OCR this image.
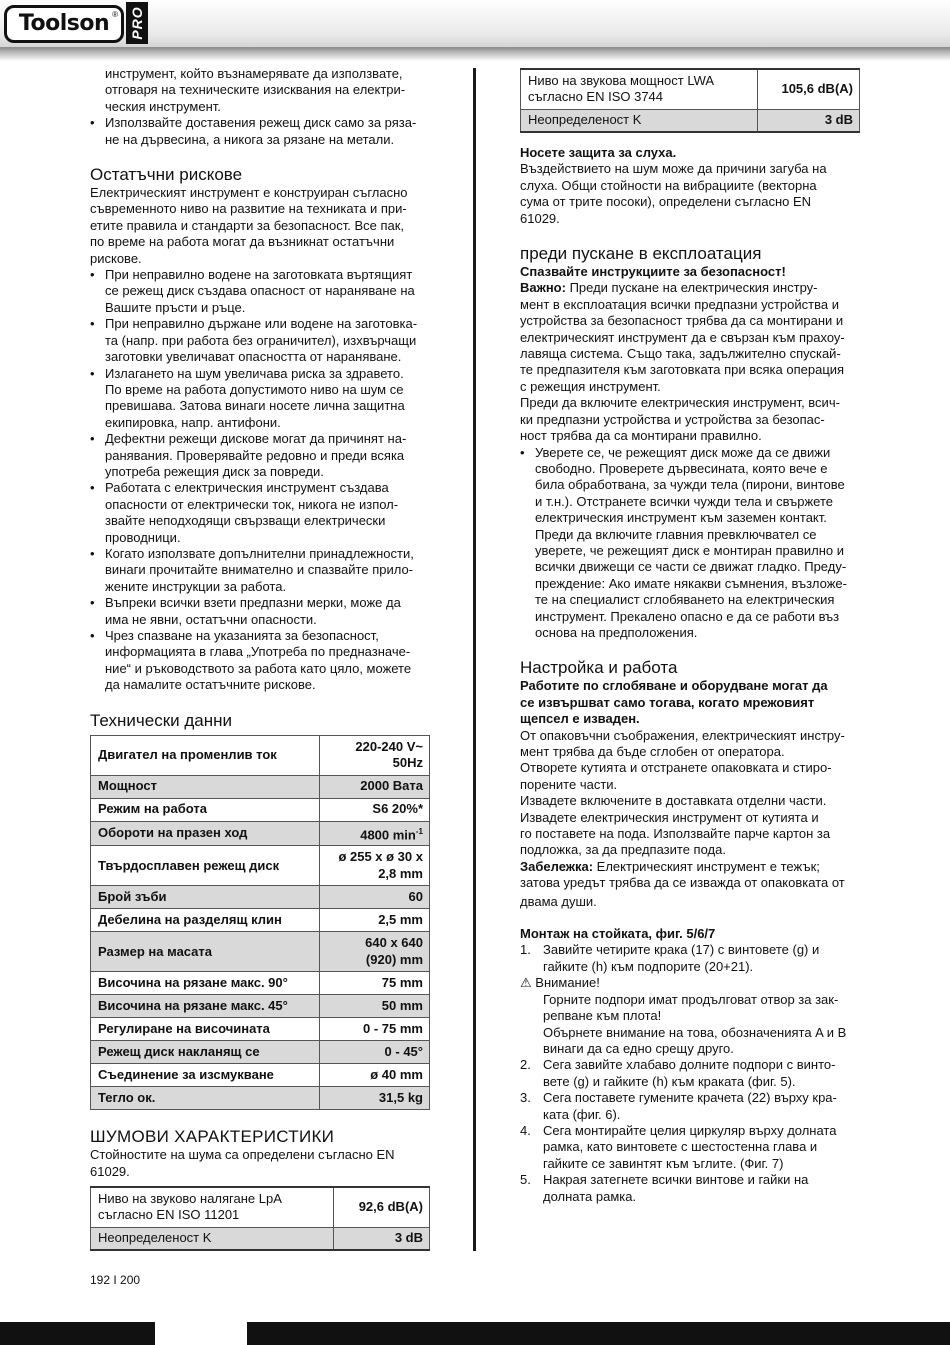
Toolson ® PRO

инструмент, който възнамерявате да използвате,

отговаря на техническите изисквания на електри-

ческия инструмент.

• Използвайте доставения режещ диск само за ряза-

не на дървесина, а никога за рязане на метали.

Остатъчни рискове

Електрическият инструмент е конструиран съгласно

съвременното ниво на развитие на техниката и при-

етите правила и стандарти за безопасност. Все пак,

по време на работа могат да възникнат остатъчни

рискове.

• При неправилно водене на заготовката въртящият

се режещ диск създава опасност от нараняване на

Вашите пръсти и ръце.

• При неправилно държане или водене на заготовка-

та (напр. при работа без ограничител), изхвърчащи

заготовки увеличават опасността от нараняване.

• Излагането на шум увеличава риска за здравето.

По време на работа допустимото ниво на шум се

превишава. Затова винаги носете лична защитна

екипировка, напр. антифони.

• Дефектни режещи дискове могат да причинят на-

ранявания. Проверявайте редовно и преди всяка

употреба режещия диск за повреди.

• Работата с електрическия инструмент създава

опасности от електрически ток, никога не изпол-

звайте неподходящи свързващи електрически

проводници.

• Когато използвате допълнителни принадлежности,

винаги прочитайте внимателно и спазвайте прило-

жените инструкции за работа.

• Въпреки всички взети предпазни мерки, може да

има не явни, остатъчни опасности.

• Чрез спазване на указанията за безопасност,

информацията в глава „Употреба по предназначе-

ние“ и ръководството за работа като цяло, можете

да намалите остатъчните рискове.

Технически данни
Двигател на променлив ток	220-240 V~
50Hz
Мощност	2000 Вата
Режим на работа	S6 20%*
Обороти на празен ход	4800 $\min^{-1}$
Твърдосплавен режещ диск	ø 255 x ø 30 x
2,8 mm
Брой зъби	60
Дебелина на разделящ клин	2,5 mm
Размер на масата	640 x 640
(920) mm
Височина на рязане макс. 90°	75 mm
Височина на рязане макс. 45°	50 mm
Регулиране на височината	0 - 75 mm
Режещ диск накланящ се	0 - 45°
Съединение за изсмукване	ø 40 mm
Тегло ок.	31,5 kg
ШУМОВИ ХАРАКТЕРИСТИКИ

Стойностите на шума са определени съгласно EN

61029.

Ниво на звуково налягане LpA
съгласно EN ISO 11201	92,6 dB(A)
Неопределеност K	3 dB
Ниво на звукова мощност LWA
съгласно EN ISO 3744	105,6 dB(A)
Неопределеност K	3 dB

Носете защита за слуха.

Въздействието на шум може да причини загуба на

слуха. Общи стойности на вибрациите (векторна

сума от трите посоки), определени съгласно EN

61029.

преди пускане в експлоатация

Спазвайте инструкциите за безопасност!

Важно: Преди пускане на електрическия инстру-

мент в експлоатация всички предпазни устройства и

устройства за безопасност трябва да са монтирани и

електрическият инструмент да е свързан към прахоу-

лавяща система. Също така, задължително спускай-

те предпазителя към заготовката при всяка операция

с режещия инструмент.

Преди да включите електрическия инструмент, всич-

ки предпазни устройства и устройства за безопас-

ност трябва да са монтирани правилно.

• Уверете се, че режещият диск може да се движи

свободно. Проверете дървесината, която вече е

била обработвана, за чужди тела (пирони, винтове

и т.н.). Отстранете всички чужди тела и свържете

електрическия инструмент към заземен контакт.

Преди да включите главния превключвател се

уверете, че режещият диск е монтиран правилно и

всички движещи се части се движат гладко. Преду-

преждение: Ако имате някакви съмнения, възложе-

те на специалист сглобяването на електрическия

инструмент. Прекалено опасно е да се работи въз

основа на предположения.

Настройка и работа

Работите по сглобяване и оборудване могат да

се извършват само тогава, когато мрежовият

щепсел е изваден.

От опаковъчни съображения, електрическият инстру-

мент трябва да бъде сглобен от оператора.

Отворете кутията и отстранете опаковката и стиро-

порените части.

Извадете включените в доставката отделни части.

Извадете електрическия инструмент от кутията и

го поставете на пода. Използвайте парче картон за

подложка, за да предпазите пода.

Забележка: Електрическият инструмент е тежък;

затова уредът трябва да се изважда от опаковката от

двама души.

Монтаж на стойката, фиг. 5/6/7

1. Завийте четирите крака (17) с винтовете (g) и

гайките (h) към подпорите (20+21).

⚠ Внимание!

Горните подпори имат продълговат отвор за зак-

репване към плота!

Обърнете внимание на това, обозначенията A и B

винаги да са едно срещу друго.

2. Сега завийте хлабаво долните подпори с винто-

вете (g) и гайките (h) към краката (фиг. 5).

3. Сега поставете гумените крачета (22) върху кра-

ката (фиг. 6).

4. Сега монтирайте целия циркуляр върху долната

рамка, като винтовете с шестостенна глава и

гайките се завинтят към ъглите. (Фиг. 7)

5. Накрая затегнете всички винтове и гайки на

долната рамка.

192 I 200
